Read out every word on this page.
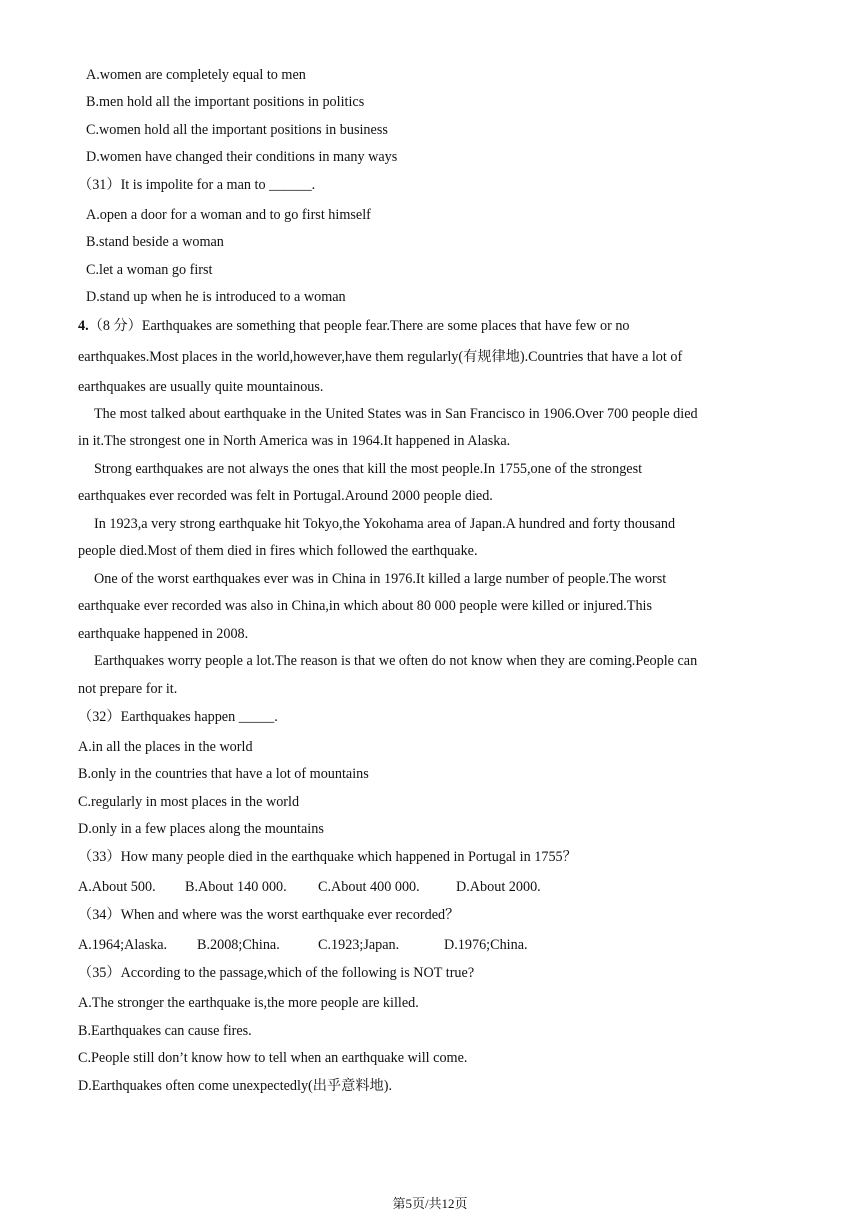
A.women are completely equal to men
B.men hold all the important positions in politics
C.women hold all the important positions in business
D.women have changed their conditions in many ways
（31）It is impolite for a man to ______.
A.open a door for a woman and to go first himself
B.stand beside a woman
C.let a woman go first
D.stand up when he is introduced to a woman
4.（8 分）Earthquakes are something that people fear.There are some places that have few or no
earthquakes.Most places in the world,however,have them regularly(有规律地).Countries that have a lot of
earthquakes are usually quite mountainous.
The most talked about earthquake in the United States was in San Francisco in 1906.Over 700 people died
in it.The strongest one in North America was in 1964.It happened in Alaska.
Strong earthquakes are not always the ones that kill the most people.In 1755,one of the strongest
earthquakes ever recorded was felt in Portugal.Around 2000 people died.
In 1923,a very strong earthquake hit Tokyo,the Yokohama area of Japan.A hundred and forty thousand
people died.Most of them died in fires which followed the earthquake.
One of the worst earthquakes ever was in China in 1976.It killed a large number of people.The worst
earthquake ever recorded was also in China,in which about 80 000 people were killed or injured.This
earthquake happened in 2008.
Earthquakes worry people a lot.The reason is that we often do not know when they are coming.People can
not prepare for it.
（32）Earthquakes happen _____.
A.in all the places in the world
B.only in the countries that have a lot of mountains
C.regularly in most places in the world
D.only in a few places along the mountains
（33）How many people died in the earthquake which happened in Portugal in 1755？
A.About 500. B.About 140 000. C.About 400 000.	D.About 2000.
（34）When and where was the worst earthquake ever recorded？
A.1964;Alaska. B.2008;China.	C.1923;Japan.	D.1976;China.
（35）According to the passage,which of the following is NOT true?
A.The stronger the earthquake is,the more people are killed.
B.Earthquakes can cause fires.
C.People still don’t know how to tell when an earthquake will come.
D.Earthquakes often come unexpectedly(出乎意料地).
第5页/共12页
